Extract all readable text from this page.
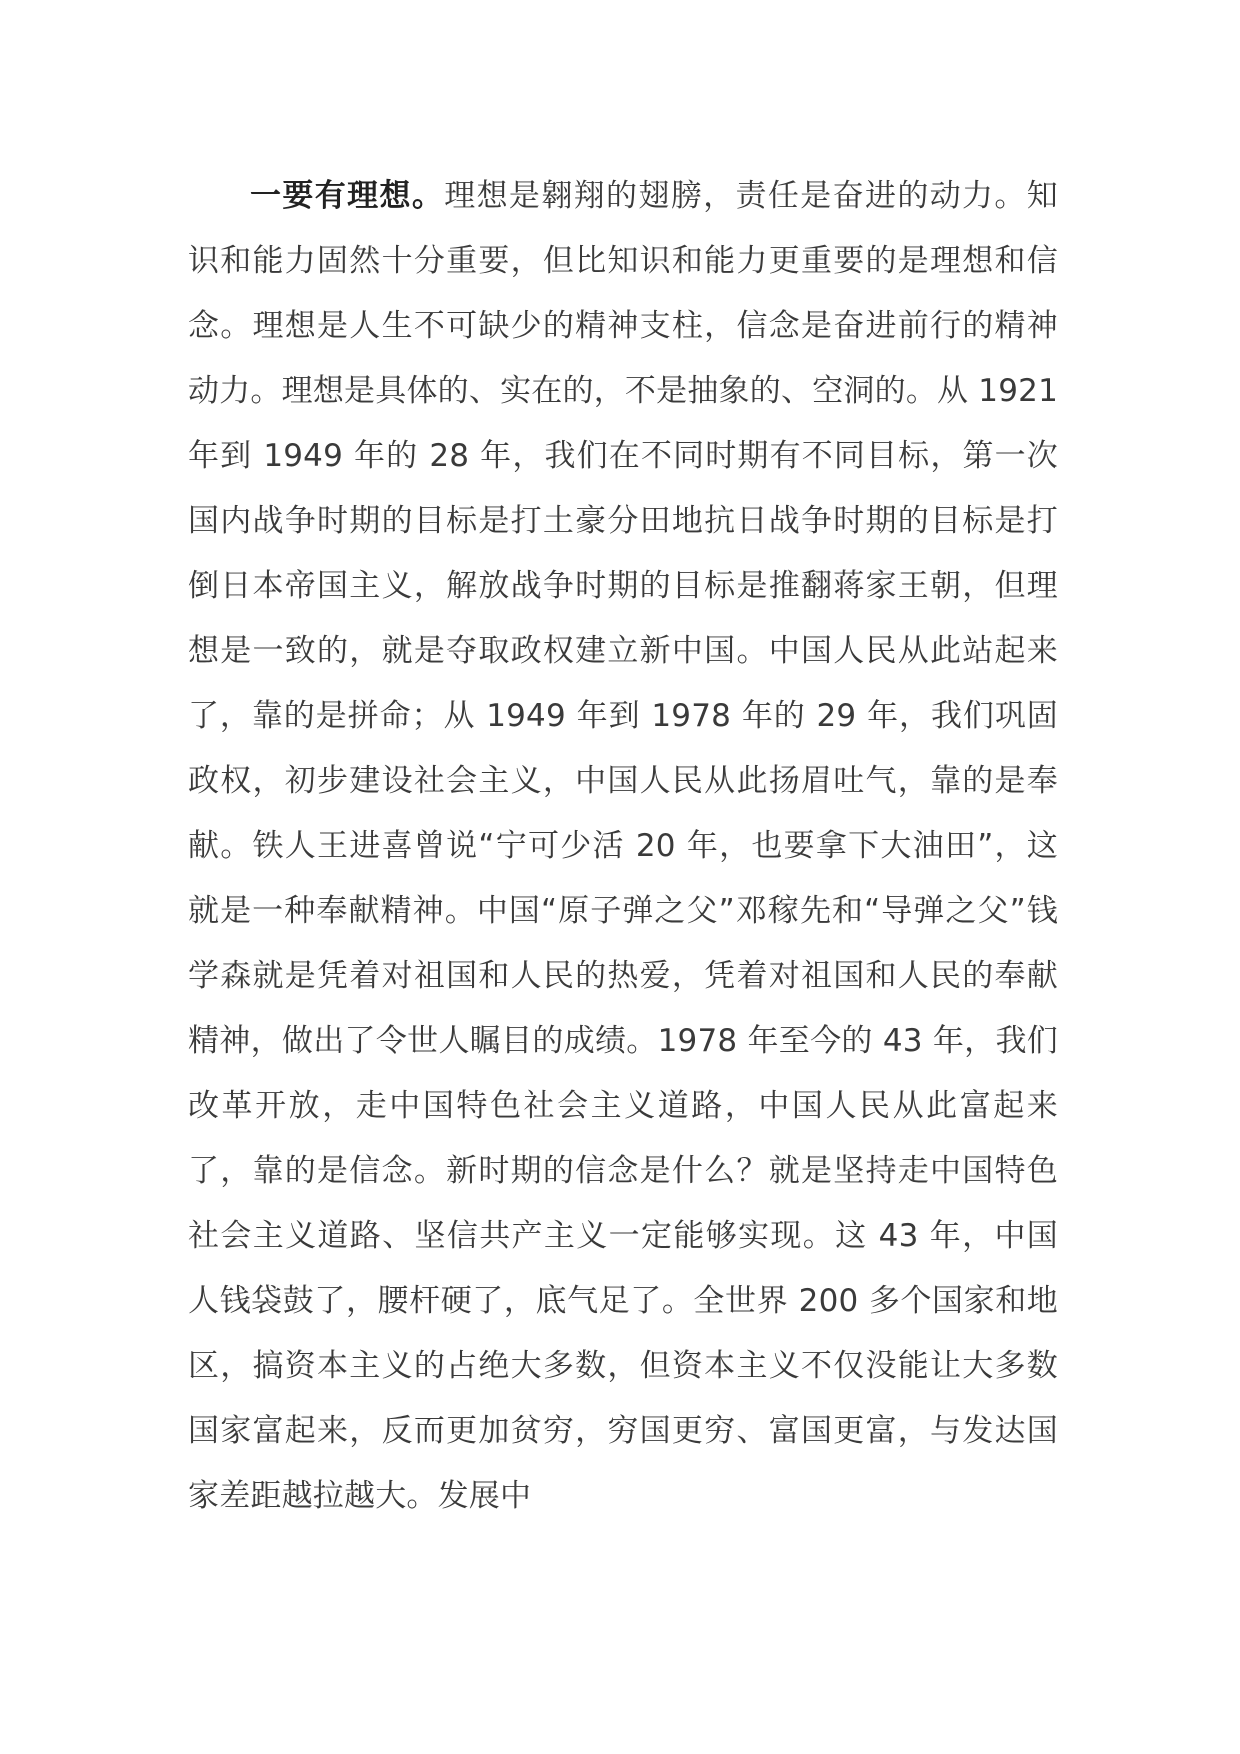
一要有理想。理想是翱翔的翅膀，责任是奋进的动力。知识和能力固然十分重要，但比知识和能力更重要的是理想和信念。理想是人生不可缺少的精神支柱，信念是奋进前行的精神动力。理想是具体的、实在的，不是抽象的、空洞的。从 1921 年到 1949 年的 28 年，我们在不同时期有不同目标，第一次国内战争时期的目标是打土豪分田地抗日战争时期的目标是打倒日本帝国主义，解放战争时期的目标是推翻蒋家王朝，但理想是一致的，就是夺取政权建立新中国。中国人民从此站起来了，靠的是拼命；从 1949 年到 1978 年的 29 年，我们巩固政权，初步建设社会主义，中国人民从此扬眉吐气，靠的是奉献。铁人王进喜曾说“宁可少活 20 年，也要拿下大油田”，这就是一种奉献精神。中国“原子弹之父”邓稼先和“导弹之父”钱学森就是凭着对祖国和人民的热爱，凭着对祖国和人民的奉献精神，做出了令世人瞩目的成绩。1978 年至今的 43 年，我们改革开放，走中国特色社会主义道路，中国人民从此富起来了，靠的是信念。新时期的信念是什么？就是坚持走中国特色社会主义道路、坚信共产主义一定能够实现。这 43 年，中国人钱袋鼓了，腰杆硬了，底气足了。全世界 200 多个国家和地区，搞资本主义的占绝大多数，但资本主义不仅没能让大多数国家富起来，反而更加贫穷，穷国更穷、富国更富，与发达国家差距越拉越大。发展中
